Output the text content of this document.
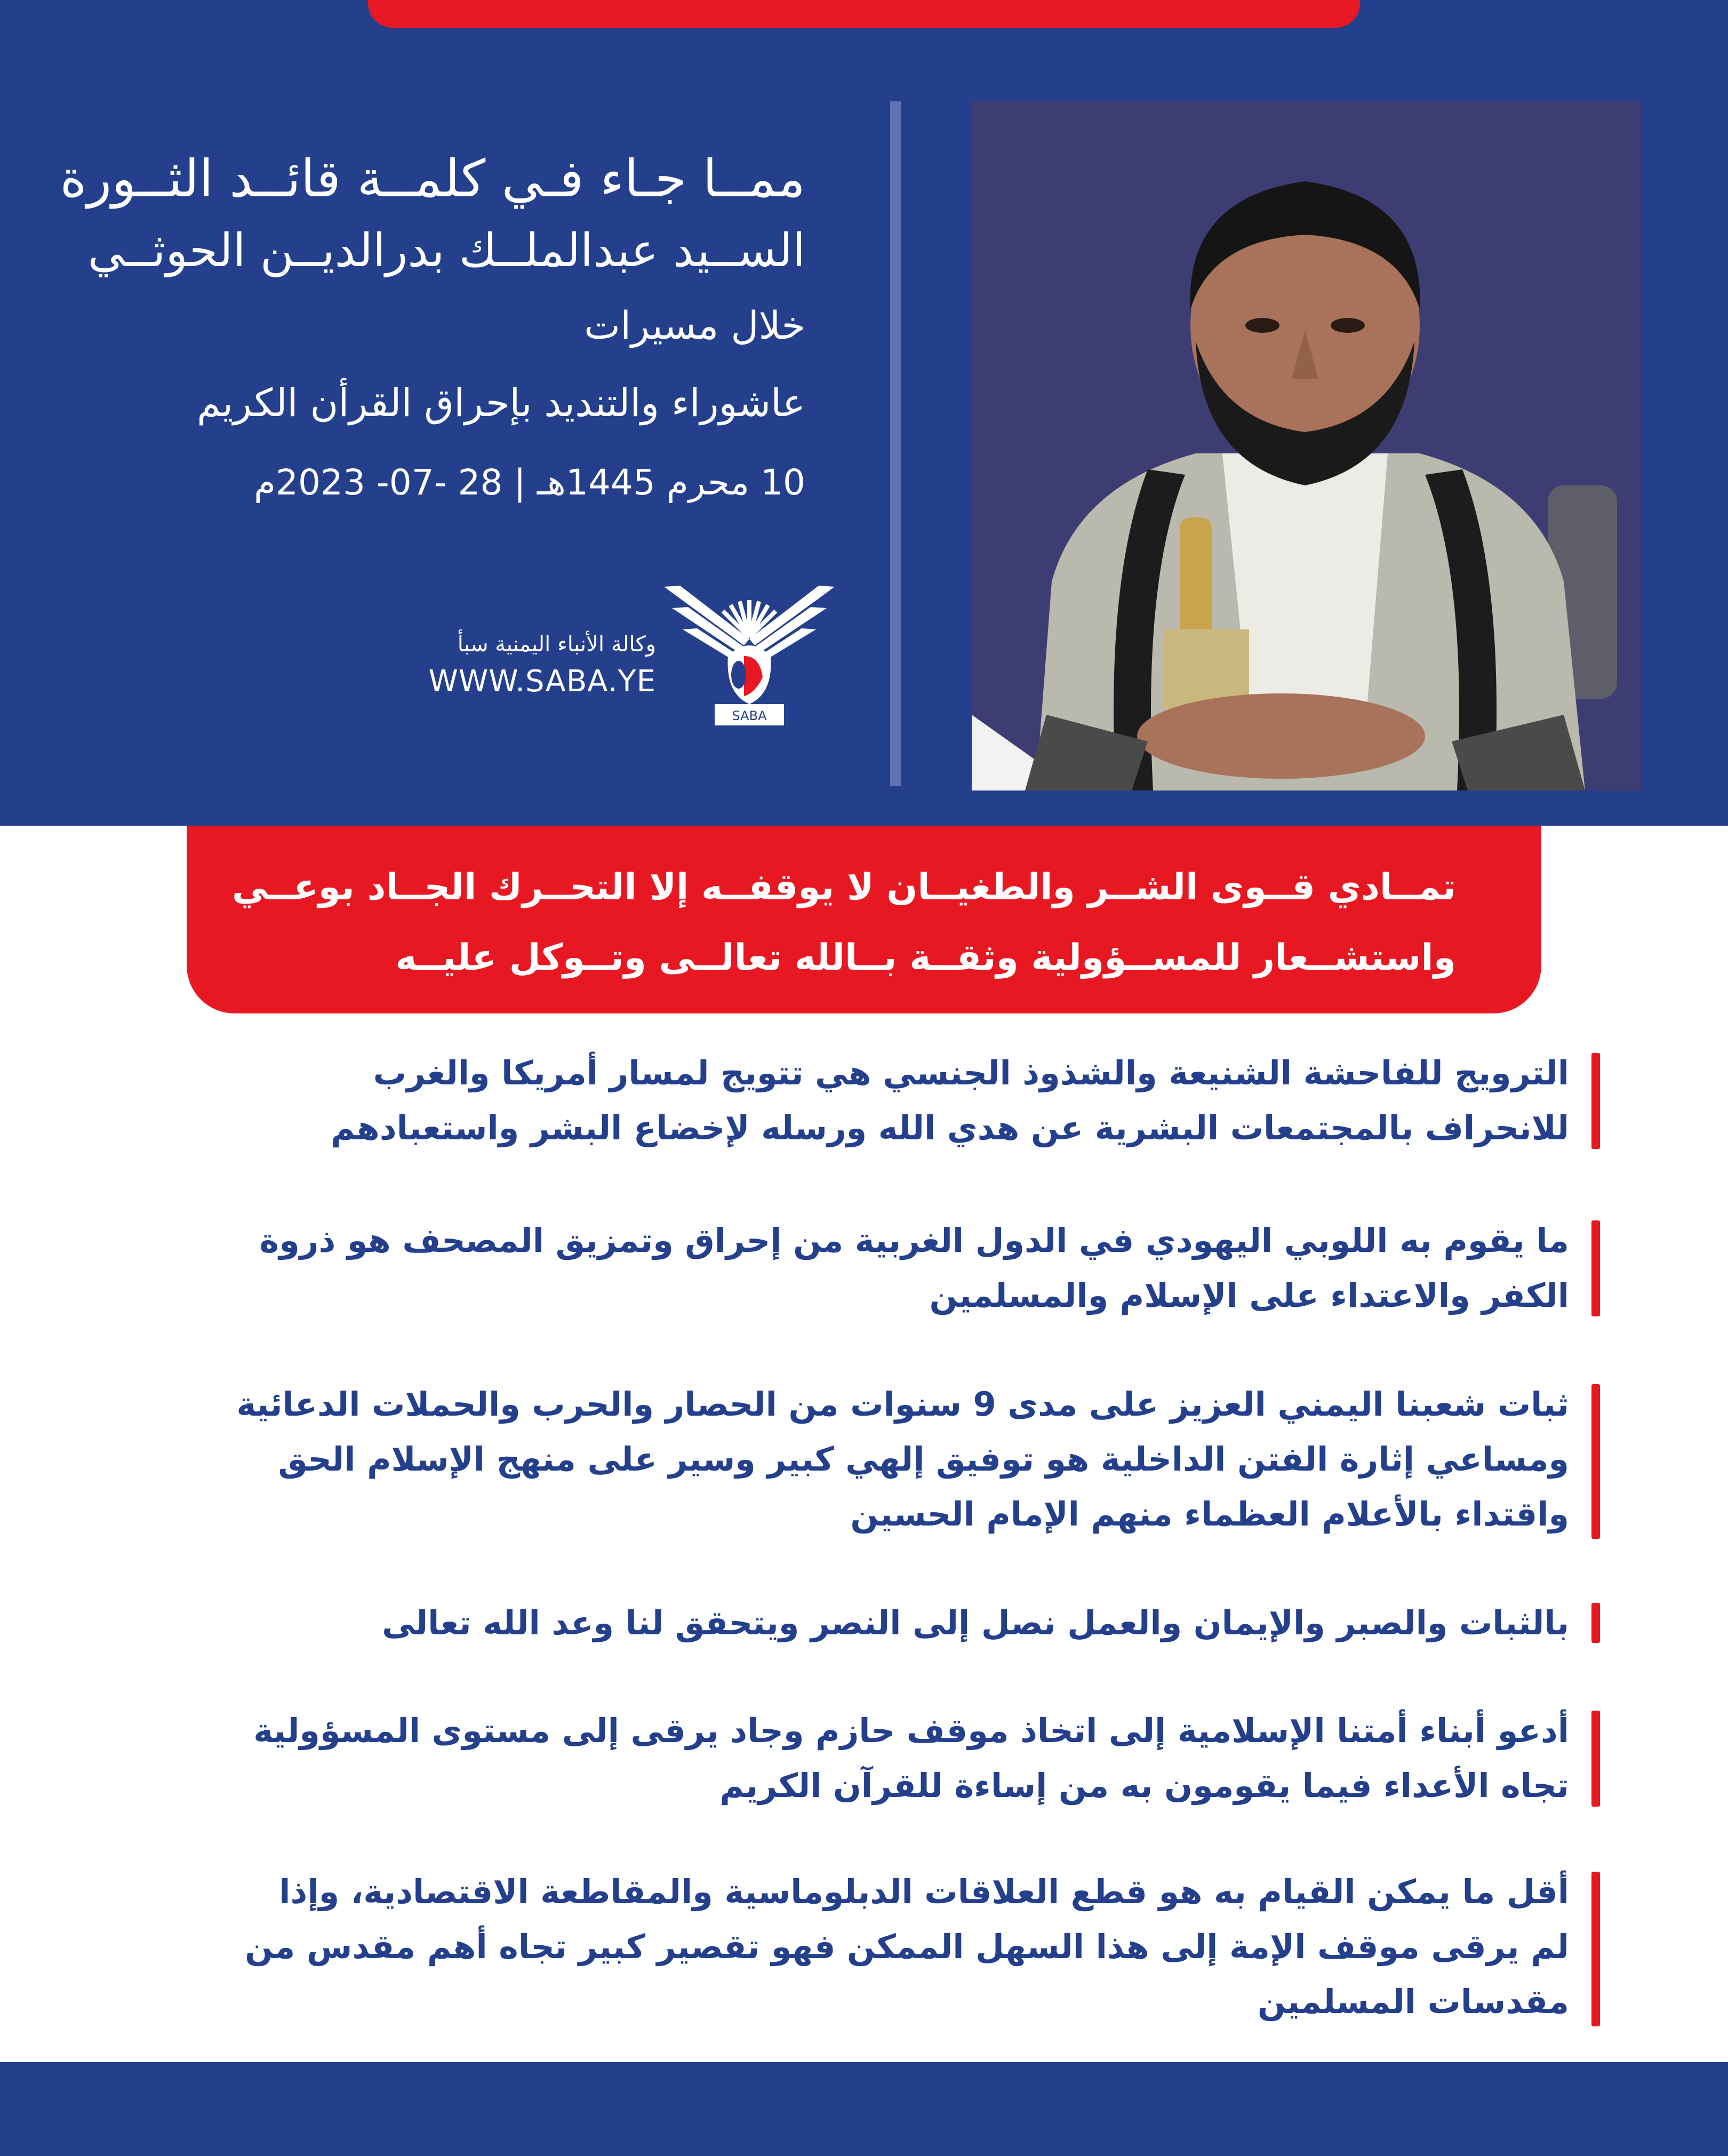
ممــا جـاء فـي كلمــة قائــد الثــورة
الســيد عبدالملــك بدرالديــن الحوثــي
خلال مسيرات
عاشوراء والتنديد بإحراق القرأن الكريم
10 محرم 1445هـ | 28 -07- 2023م
وكالة الأنباء اليمنية سبأ
WWW.SABA.YE
SABA
تمــادي قــوى الشــر والطغيــان لا يوقفــه إلا التحــرك الجــاد بوعــي
واستشــعار للمســؤولية وثقــة بــالله تعالــى وتــوكل عليــه
الترويج للفاحشة الشنيعة والشذوذ الجنسي هي تتويج لمسار أمريكا والغرب
للانحراف بالمجتمعات البشرية عن هدي الله ورسله لإخضاع البشر واستعبادهم
ما يقوم به اللوبي اليهودي في الدول الغربية من إحراق وتمزيق المصحف هو ذروة
الكفر والاعتداء على الإسلام والمسلمين
ثبات شعبنا اليمني العزيز على مدى 9 سنوات من الحصار والحرب والحملات الدعائية
ومساعي إثارة الفتن الداخلية هو توفيق إلهي كبير وسير على منهج الإسلام الحق
واقتداء بالأعلام العظماء منهم الإمام الحسين
بالثبات والصبر والإيمان والعمل نصل إلى النصر ويتحقق لنا وعد الله تعالى
أدعو أبناء أمتنا الإسلامية إلى اتخاذ موقف حازم وجاد يرقى إلى مستوى المسؤولية
تجاه الأعداء فيما يقومون به من إساءة للقرآن الكريم
أقل ما يمكن القيام به هو قطع العلاقات الدبلوماسية والمقاطعة الاقتصادية، وإذا
لم يرقى موقف الإمة إلى هذا السهل الممكن فهو تقصير كبير تجاه أهم مقدس من
مقدسات المسلمين
